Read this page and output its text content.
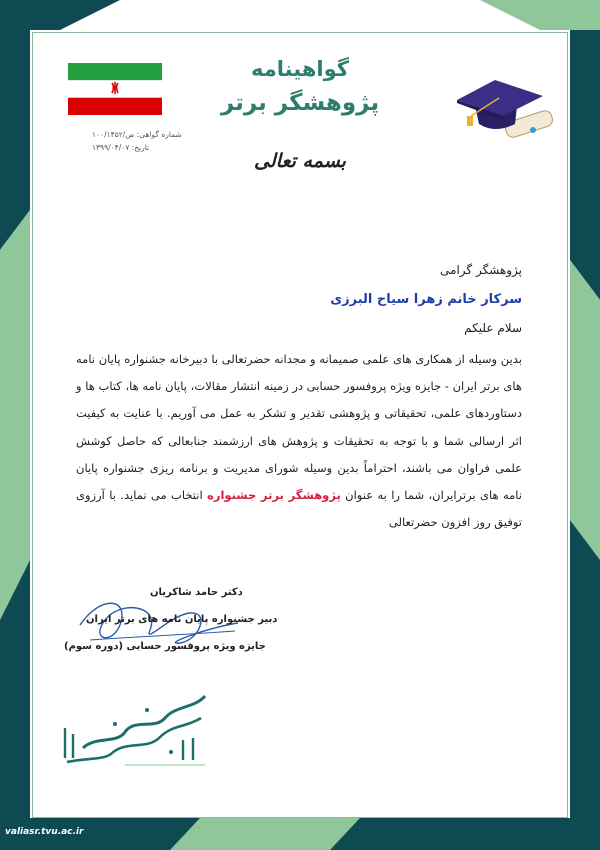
گواهینامه
پژوهشگر برتر
شماره گواهی: ص/۱۰۰/۱۴۵۲
تاریخ: ۱۳۹۹/۰۴/۰۷
بسمه تعالی
پژوهشگر گرامی
سرکار خانم زهرا سیاح البرزی
سلام علیکم
بدین وسیله از همکاری های علمی صمیمانه و مجدانه حضرتعالی با دبیرخانه جشنواره پایان نامه های برتر ایران - جایزه ویژه پروفسور حسابی در زمینه انتشار مقالات، پایان نامه ها، کتاب ها و دستاوردهای علمی، تحقیقاتی و پژوهشی تقدیر و تشکر به عمل می آوریم. با عنایت به کیفیت اثر ارسالی شما و با توجه به تحقیقات و پژوهش های ارزشمند جنابعالی که حاصل کوشش علمی فراوان می باشند، احتراماً بدین وسیله شورای مدیریت و برنامه ریزی جشنواره پایان نامه های برترایران، شما را به عنوان پژوهشگر برتر جشنواره انتخاب می نماید. با آرزوی توفیق روز افزون حضرتعالی
دکتر حامد شاکریان
دبیر جشنواره پایان نامه های برتر ایران
جایزه ویژه پروفسور حسابی (دوره سوم)
valiasr.tvu.ac.ir
